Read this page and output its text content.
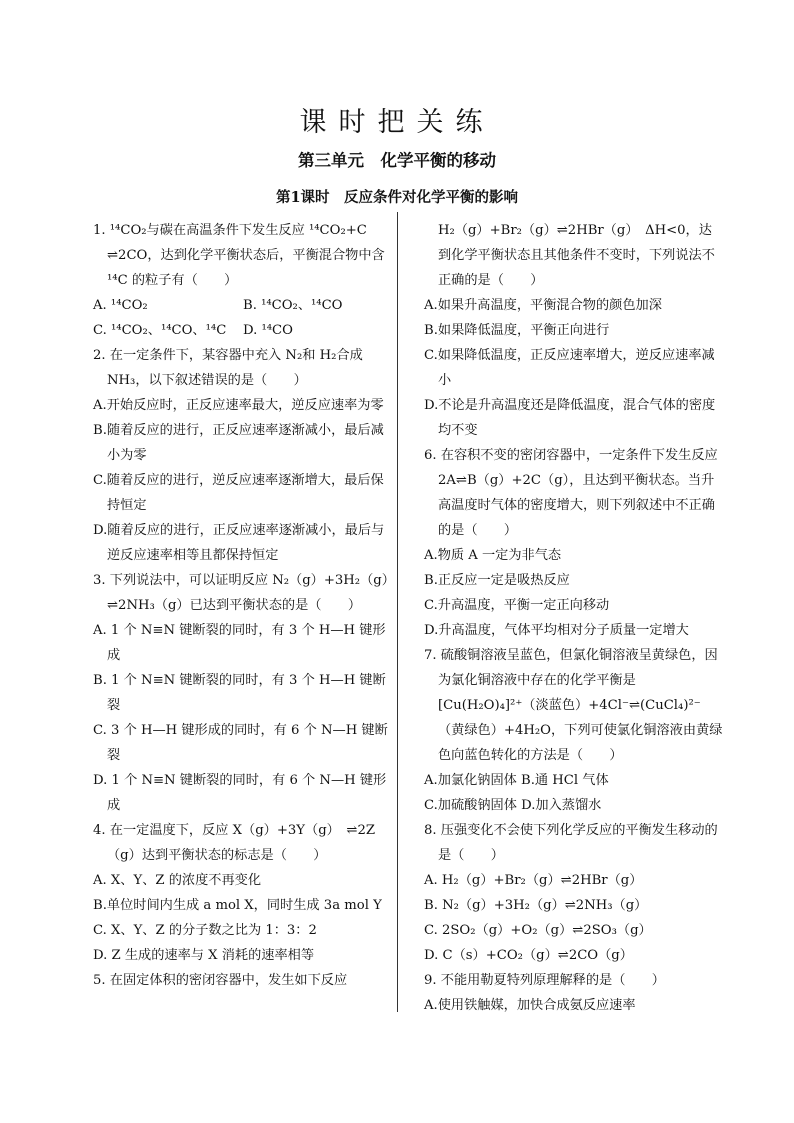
课时把关练
第三单元　化学平衡的移动
第1课时　反应条件对化学平衡的影响
1. ¹⁴CO₂与碳在高温条件下发生反应 ¹⁴CO₂+C ⇌2CO，达到化学平衡状态后，平衡混合物中含 ¹⁴C 的粒子有（　　）
A. ¹⁴CO₂	B. ¹⁴CO₂、¹⁴CO
C. ¹⁴CO₂、¹⁴CO、¹⁴C	D. ¹⁴CO
2. 在一定条件下，某容器中充入 N₂和 H₂合成 NH₃，以下叙述错误的是（　　）
A.开始反应时，正反应速率最大，逆反应速率为零
B.随着反应的进行，正反应速率逐渐减小，最后减小为零
C.随着反应的进行，逆反应速率逐渐增大，最后保持恒定
D.随着反应的进行，正反应速率逐渐减小，最后与逆反应速率相等且都保持恒定
3. 下列说法中，可以证明反应 N₂（g）+3H₂（g）⇌2NH₃（g）已达到平衡状态的是（　　）
A. 1 个 N≡N 键断裂的同时，有 3 个 H—H 键形成
B. 1 个 N≡N 键断裂的同时，有 3 个 H—H 键断裂
C. 3 个 H—H 键形成的同时，有 6 个 N—H 键断裂
D. 1 个 N≡N 键断裂的同时，有 6 个 N—H 键形成
4. 在一定温度下，反应 X（g）+3Y（g）　⇌2Z（g）达到平衡状态的标志是（　　）
A. X、Y、Z 的浓度不再变化
B.单位时间内生成 a mol X，同时生成 3a mol Y
C. X、Y、Z 的分子数之比为 1：3：2
D. Z 生成的速率与 X 消耗的速率相等
5. 在固定体积的密闭容器中，发生如下反应
H₂（g）+Br₂（g）⇌2HBr（g）　ΔH<0，达到化学平衡状态且其他条件不变时，下列说法不正确的是（　　）
A.如果升高温度，平衡混合物的颜色加深
B.如果降低温度，平衡正向进行
C.如果降低温度，正反应速率增大，逆反应速率减小
D.不论是升高温度还是降低温度，混合气体的密度均不变
6. 在容积不变的密闭容器中，一定条件下发生反应 2A⇌B（g）+2C（g），且达到平衡状态。当升高温度时气体的密度增大，则下列叙述中不正确的是（　　）
A.物质 A 一定为非气态
B.正反应一定是吸热反应
C.升高温度，平衡一定正向移动
D.升高温度，气体平均相对分子质量一定增大
7. 硫酸铜溶液呈蓝色，但氯化铜溶液呈黄绿色，因为氯化铜溶液中存在的化学平衡是 [Cu(H₂O)₄]²⁺（淡蓝色）+4Cl⁻⇌(CuCl₄)²⁻（黄绿色）+4H₂O，下列可使氯化铜溶液由黄绿色向蓝色转化的方法是（　　）
A.加氯化钠固体 B.通 HCl 气体
C.加硫酸钠固体 D.加入蒸馏水
8. 压强变化不会使下列化学反应的平衡发生移动的是（　　）
A. H₂（g）+Br₂（g）⇌2HBr（g）
B. N₂（g）+3H₂（g）⇌2NH₃（g）
C. 2SO₂（g）+O₂（g）⇌2SO₃（g）
D. C（s）+CO₂（g）⇌2CO（g）
9. 不能用勒夏特列原理解释的是（　　）
A.使用铁触媒，加快合成氨反应速率
